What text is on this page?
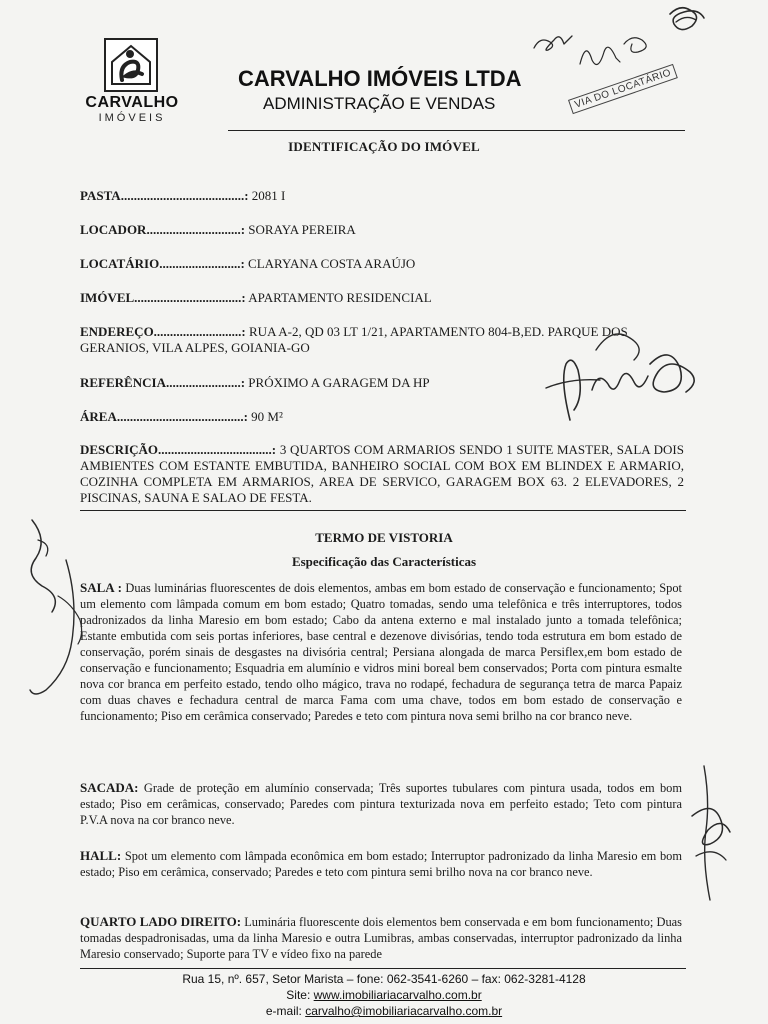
CARVALHO
IMÓVEIS
CARVALHO IMÓVEIS LTDA
ADMINISTRAÇÃO E VENDAS	VIA DO LOCATÁRIO
IDENTIFICAÇÃO DO IMÓVEL
PASTA......................................: 2081 I
LOCADOR.............................: SORAYA PEREIRA
LOCATÁRIO.........................: CLARYANA COSTA ARAÚJO
IMÓVEL.................................: APARTAMENTO RESIDENCIAL
ENDEREÇO...........................: RUA A-2, QD 03 LT 1/21, APARTAMENTO 804-B,ED. PARQUE DOS GERANIOS, VILA ALPES, GOIANIA-GO
REFERÊNCIA.......................: PRÓXIMO A GARAGEM DA HP
ÁREA.......................................: 90 M²
DESCRIÇÃO...................................: 3 QUARTOS COM ARMARIOS SENDO 1 SUITE MASTER, SALA DOIS AMBIENTES COM ESTANTE EMBUTIDA, BANHEIRO SOCIAL COM BOX EM BLINDEX E ARMARIO, COZINHA COMPLETA EM ARMARIOS, AREA DE SERVICO, GARAGEM BOX 63. 2 ELEVADORES, 2 PISCINAS, SAUNA E SALAO DE FESTA.
TERMO DE VISTORIA
Especificação das Características
SALA : Duas luminárias fluorescentes de dois elementos, ambas em bom estado de conservação e funcionamento; Spot um elemento com lâmpada comum em bom estado; Quatro tomadas, sendo uma telefônica e três interruptores, todos padronizados da linha Maresio em bom estado; Cabo da antena externo e mal instalado junto a tomada telefônica; Estante embutida com seis portas inferiores, base central e dezenove divisórias, tendo toda estrutura em bom estado de conservação, porém sinais de desgastes na divisória central; Persiana alongada de marca Persiflex,em bom estado de conservação e funcionamento; Esquadria em alumínio e vidros mini boreal bem conservados; Porta com pintura esmalte nova cor branca em perfeito estado, tendo olho mágico, trava no rodapé, fechadura de segurança tetra de marca Papaiz com duas chaves e fechadura central de marca Fama com uma chave, todos em bom estado de conservação e funcionamento; Piso em cerâmica conservado; Paredes e teto com pintura nova semi brilho na cor branco neve.
SACADA: Grade de proteção em alumínio conservada; Três suportes tubulares com pintura usada, todos em bom estado; Piso em cerâmicas, conservado; Paredes com pintura texturizada nova em perfeito estado; Teto com pintura P.V.A nova na cor branco neve.
HALL: Spot um elemento com lâmpada econômica em bom estado; Interruptor padronizado da linha Maresio em bom estado; Piso em cerâmica, conservado; Paredes e teto com pintura semi brilho nova na cor branco neve.
QUARTO LADO DIREITO: Luminária fluorescente dois elementos bem conservada e em bom funcionamento; Duas tomadas despadronisadas, uma da linha Maresio e outra Lumibras, ambas conservadas, interruptor padronizado da linha Maresio conservado; Suporte para TV e vídeo fixo na parede
Rua 15, nº. 657, Setor Marista – fone: 062-3541-6260 – fax: 062-3281-4128
Site: www.imobiliariacarvalho.com.br
e-mail: carvalho@imobiliariacarvalho.com.br
